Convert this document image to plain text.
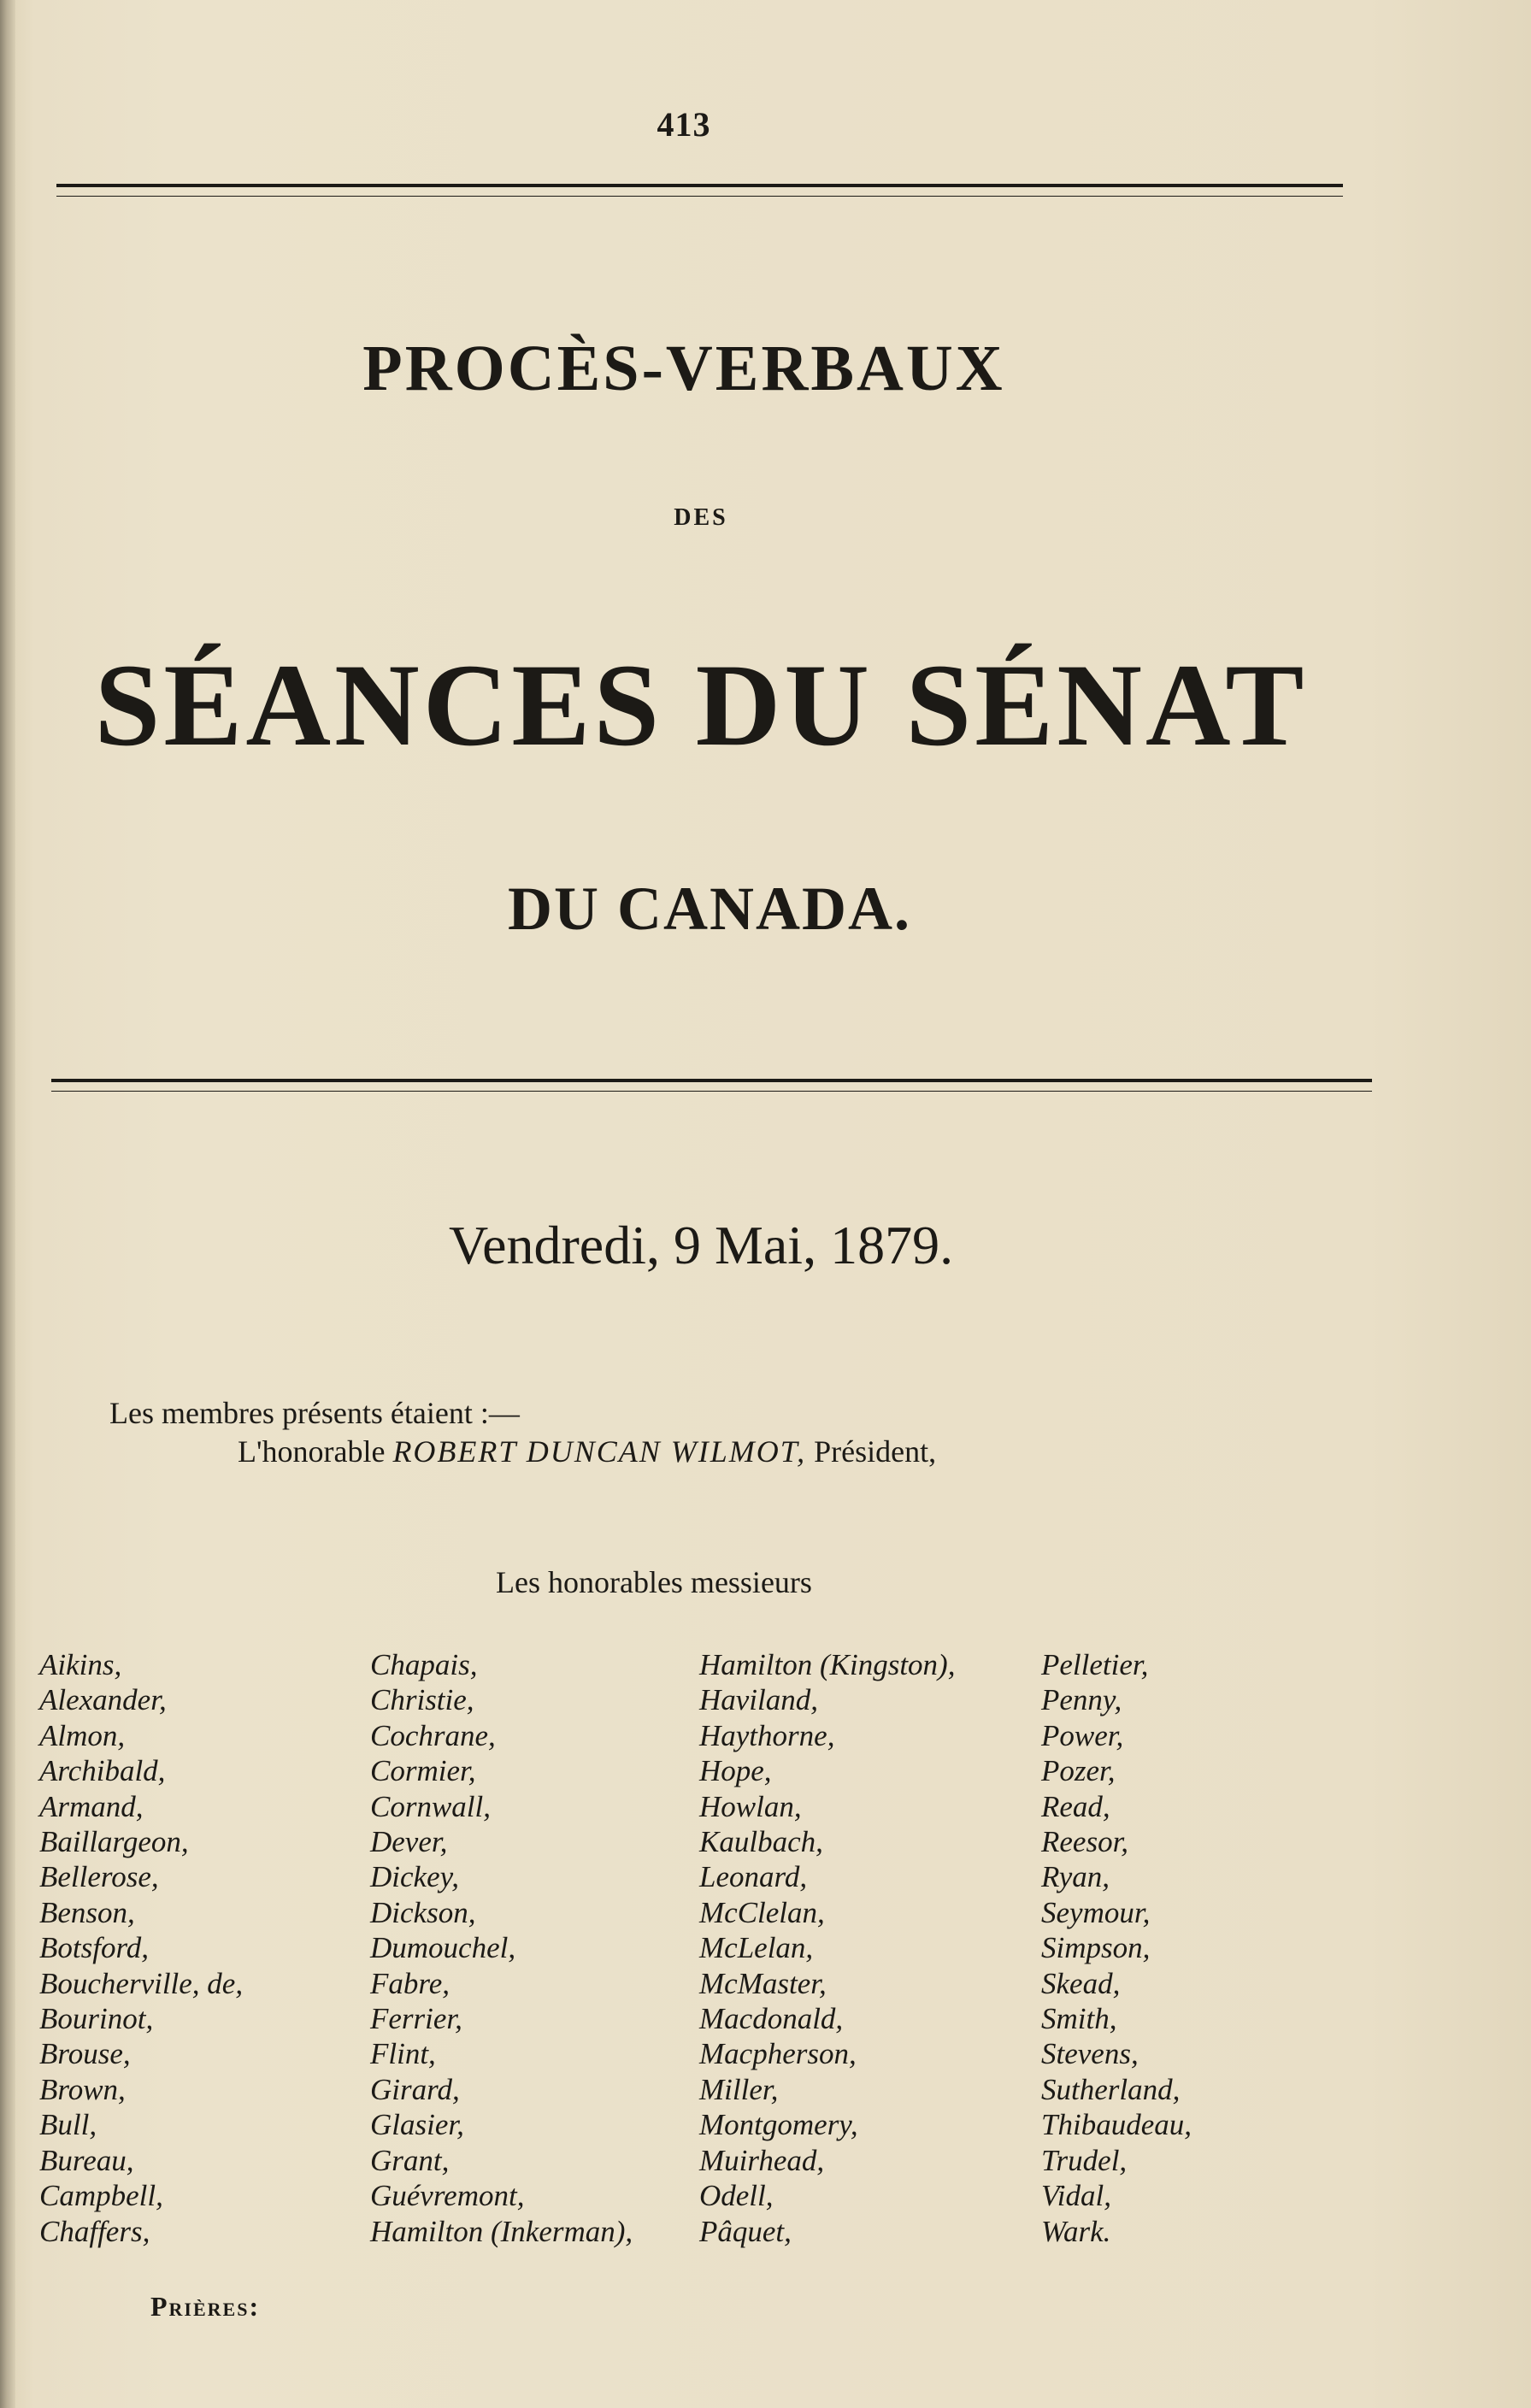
413
PROCÈS-VERBAUX
DES
SÉANCES DU SÉNAT
DU CANADA.
Vendredi, 9 Mai, 1879.
Les membres présents étaient :—
L'honorable ROBERT DUNCAN WILMOT, Président,
Les honorables messieurs
Aikins,
Alexander,
Almon,
Archibald,
Armand,
Baillargeon,
Bellerose,
Benson,
Botsford,
Boucherville, de,
Bourinot,
Brouse,
Brown,
Bull,
Bureau,
Campbell,
Chaffers,
Chapais,
Christie,
Cochrane,
Cormier,
Cornwall,
Dever,
Dickey,
Dickson,
Dumouchel,
Fabre,
Ferrier,
Flint,
Girard,
Glasier,
Grant,
Guévremont,
Hamilton (Inkerman),
Hamilton (Kingston),
Haviland,
Haythorne,
Hope,
Howlan,
Kaulbach,
Leonard,
McClelan,
McLelan,
McMaster,
Macdonald,
Macpherson,
Miller,
Montgomery,
Muirhead,
Odell,
Pâquet,
Pelletier,
Penny,
Power,
Pozer,
Read,
Reesor,
Ryan,
Seymour,
Simpson,
Skead,
Smith,
Stevens,
Sutherland,
Thibaudeau,
Trudel,
Vidal,
Wark.
Prières:
